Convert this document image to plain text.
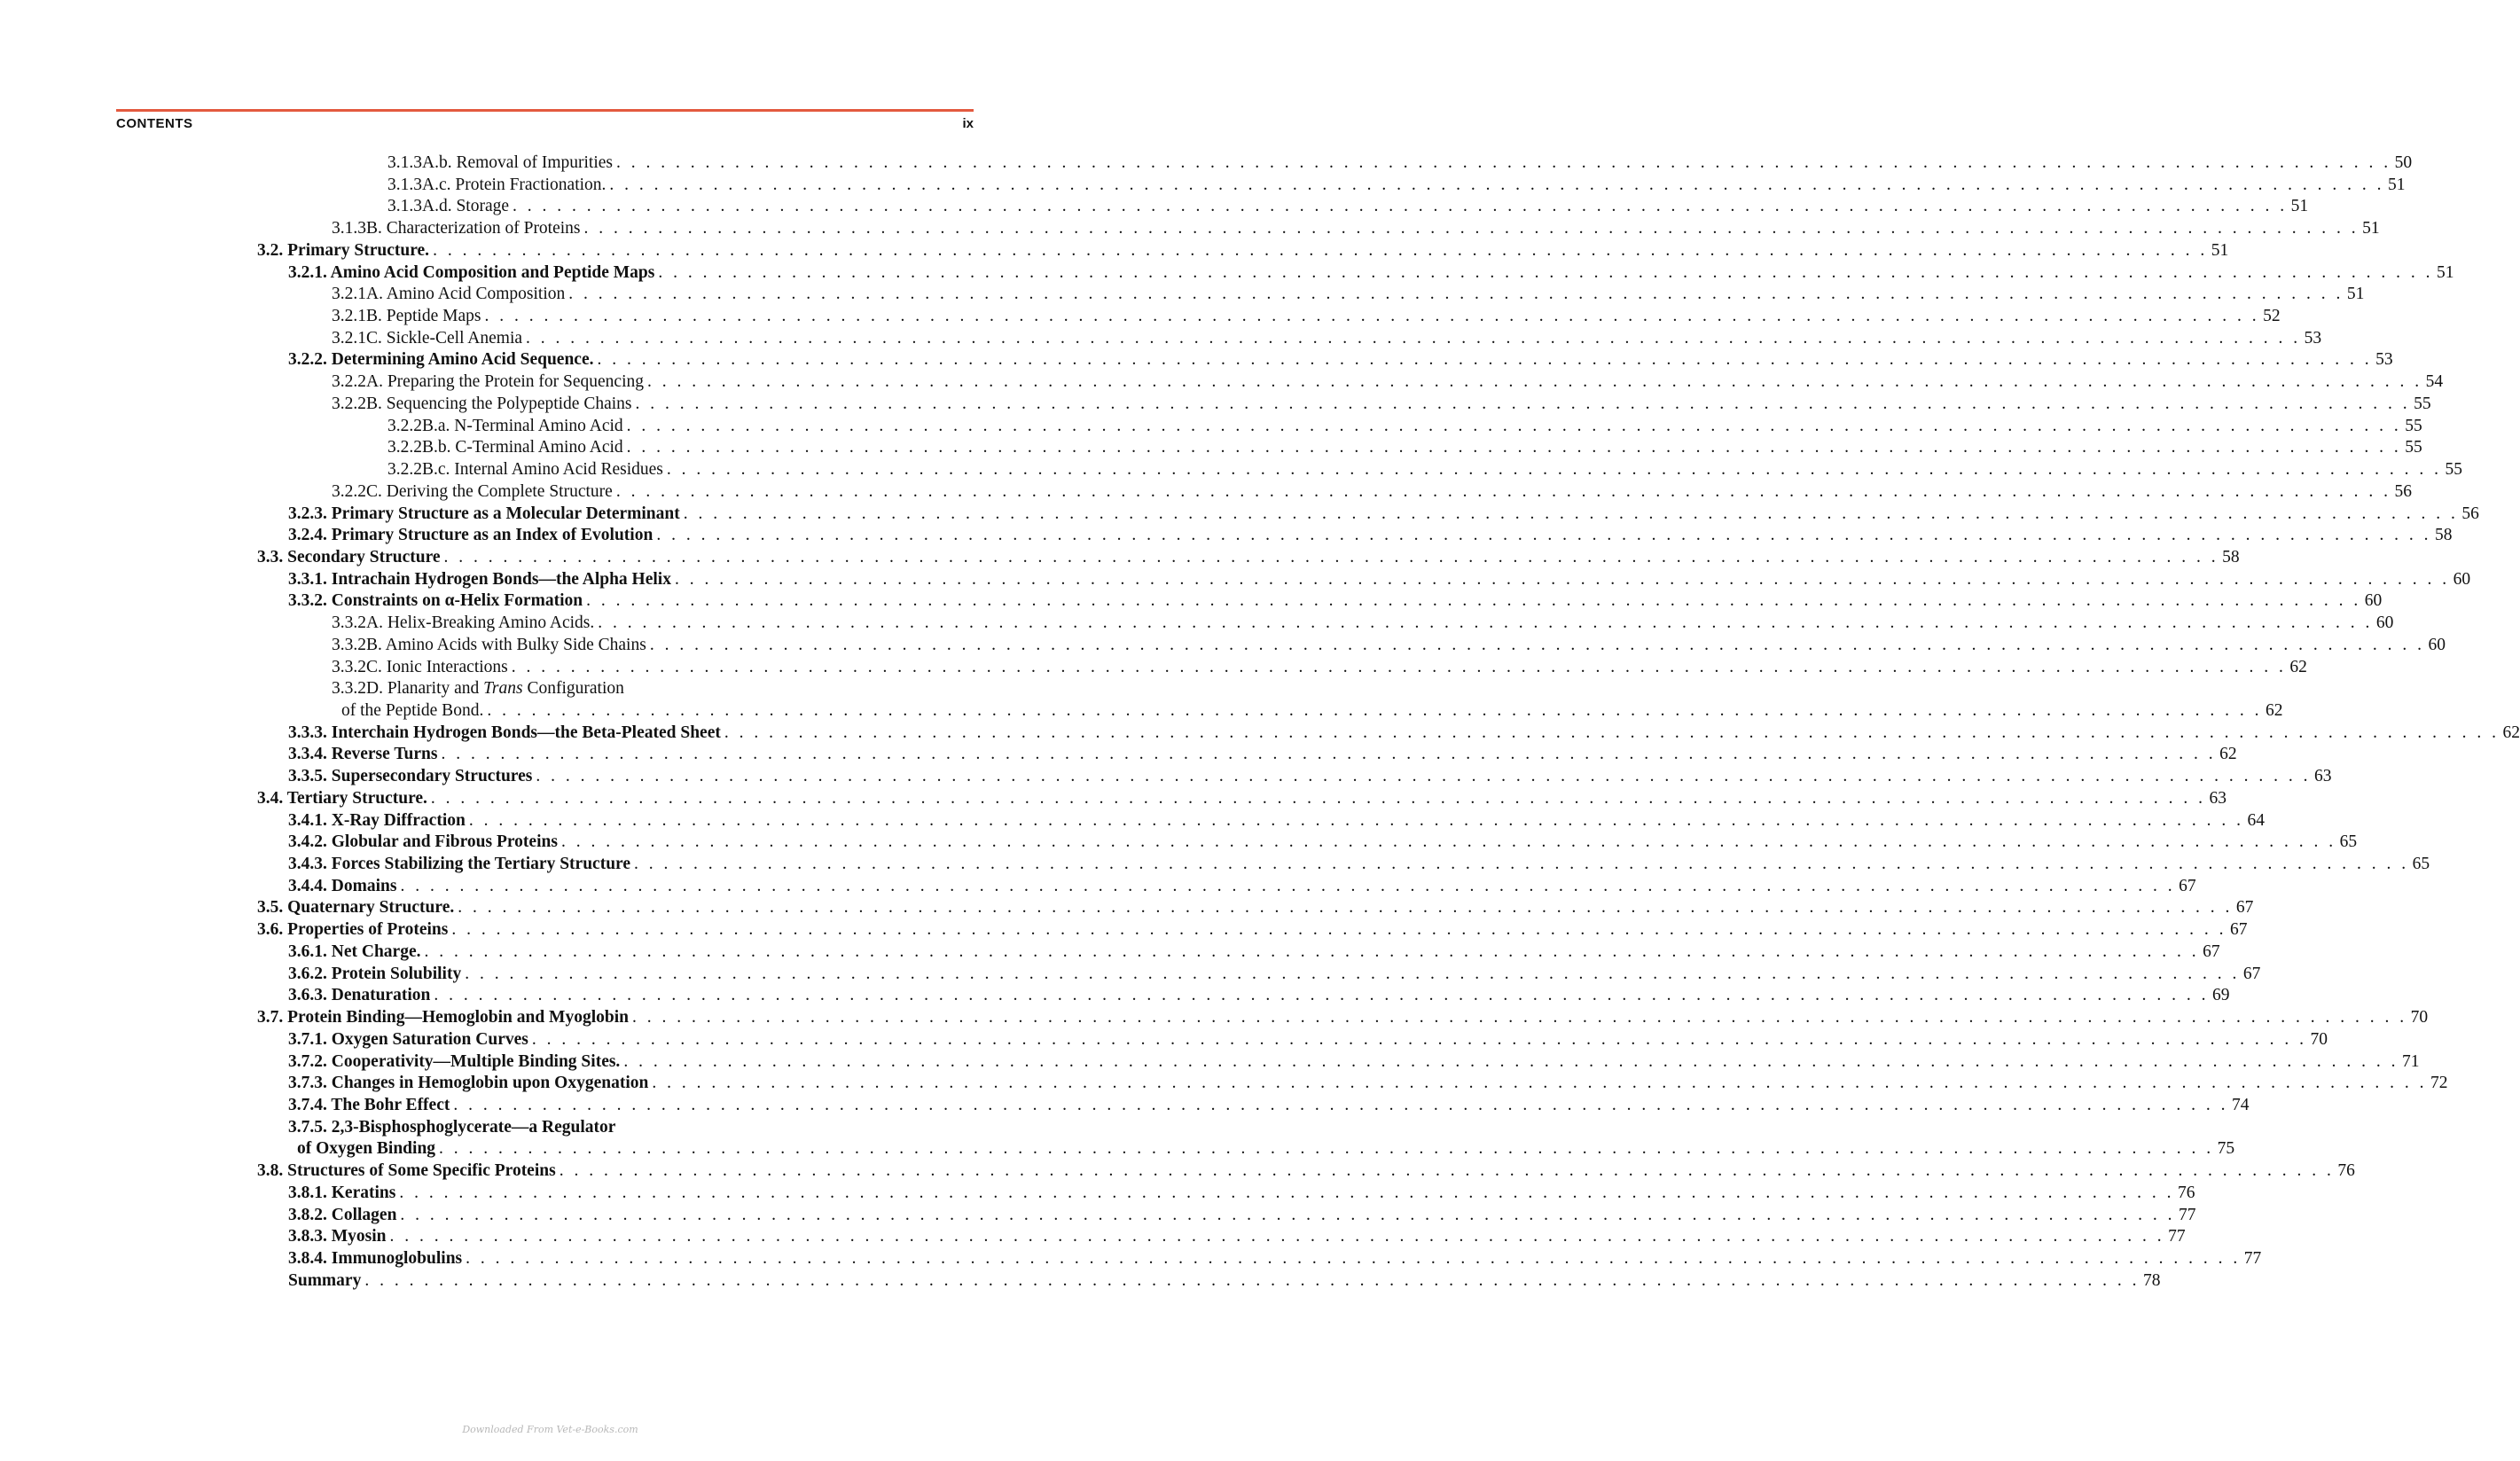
CONTENTS	ix
3.1.3A.b. Removal of Impurities . . . . . . . . . . . . . . . . . . . . . . . . . . . . . . . . . . . . . . . . . . . . . . . . . . . . . . . . . . . . . . . . . . . . . . . . . . . . . . . . . . . . . . . . . . . . . . . . . . . . . . . . . . . . . . . . . . . . . . . . 50
3.1.3A.c. Protein Fractionation. . . . . . . . . . . . . . . . . . . . . . . . . . . . . . . . . . . . . . . . . . . . . . . . . . . . . . . . . . . . . . . . . . . . . . . . . . . . . . . . . . . . . . . . . . . . . . . . . . . . . . . . . . . . . . . . . . . . . . . . . 51
3.1.3A.d. Storage . . . . . . . . . . . . . . . . . . . . . . . . . . . . . . . . . . . . . . . . . . . . . . . . . . . . . . . . . . . . . . . . . . . . . . . . . . . . . . . . . . . . . . . . . . . . . . . . . . . . . . . . . . . . . . . . . . . . . . . . 51
3.1.3B. Characterization of Proteins . . . . . . . . . . . . . . . . . . . . . . . . . . . . . . . . . . . . . . . . . . . . . . . . . . . . . . . . . . . . . . . . . . . . . . . . . . . . . . . . . . . . . . . . . . . . . . . . . . . . . . . . . . . . . . . . . . . . . . . . 51
3.2. Primary Structure. . . . . . . . . . . . . . . . . . . . . . . . . . . . . . . . . . . . . . . . . . . . . . . . . . . . . . . . . . . . . . . . . . . . . . . . . . . . . . . . . . . . . . . . . . . . . . . . . . . . . . . . . . . . . . . . . . . . . . . . . 51
3.2.1. Amino Acid Composition and Peptide Maps . . . . . . . . . . . . . . . . . . . . . . . . . . . . . . . . . . . . . . . . . . . . . . . . . . . . . . . . . . . . . . . . . . . . . . . . . . . . . . . . . . . . . . . . . . . . . . . . . . . . . . . . . . . . . . . . . . . . . . . . 51
3.2.1A. Amino Acid Composition . . . . . . . . . . . . . . . . . . . . . . . . . . . . . . . . . . . . . . . . . . . . . . . . . . . . . . . . . . . . . . . . . . . . . . . . . . . . . . . . . . . . . . . . . . . . . . . . . . . . . . . . . . . . . . . . . . . . . . . . 51
3.2.1B. Peptide Maps . . . . . . . . . . . . . . . . . . . . . . . . . . . . . . . . . . . . . . . . . . . . . . . . . . . . . . . . . . . . . . . . . . . . . . . . . . . . . . . . . . . . . . . . . . . . . . . . . . . . . . . . . . . . . . . . . . . . . . . . 52
3.2.1C. Sickle-Cell Anemia . . . . . . . . . . . . . . . . . . . . . . . . . . . . . . . . . . . . . . . . . . . . . . . . . . . . . . . . . . . . . . . . . . . . . . . . . . . . . . . . . . . . . . . . . . . . . . . . . . . . . . . . . . . . . . . . . . . . . . . . 53
3.2.2. Determining Amino Acid Sequence. . . . . . . . . . . . . . . . . . . . . . . . . . . . . . . . . . . . . . . . . . . . . . . . . . . . . . . . . . . . . . . . . . . . . . . . . . . . . . . . . . . . . . . . . . . . . . . . . . . . . . . . . . . . . . . . . . . . . . . . . 53
3.2.2A. Preparing the Protein for Sequencing . . . . . . . . . . . . . . . . . . . . . . . . . . . . . . . . . . . . . . . . . . . . . . . . . . . . . . . . . . . . . . . . . . . . . . . . . . . . . . . . . . . . . . . . . . . . . . . . . . . . . . . . . . . . . . . . . . . . . . . . 54
3.2.2B. Sequencing the Polypeptide Chains . . . . . . . . . . . . . . . . . . . . . . . . . . . . . . . . . . . . . . . . . . . . . . . . . . . . . . . . . . . . . . . . . . . . . . . . . . . . . . . . . . . . . . . . . . . . . . . . . . . . . . . . . . . . . . . . . . . . . . . . 55
3.2.2B.a. N-Terminal Amino Acid . . . . . . . . . . . . . . . . . . . . . . . . . . . . . . . . . . . . . . . . . . . . . . . . . . . . . . . . . . . . . . . . . . . . . . . . . . . . . . . . . . . . . . . . . . . . . . . . . . . . . . . . . . . . . . . . . . . . . . . . 55
3.2.2B.b. C-Terminal Amino Acid . . . . . . . . . . . . . . . . . . . . . . . . . . . . . . . . . . . . . . . . . . . . . . . . . . . . . . . . . . . . . . . . . . . . . . . . . . . . . . . . . . . . . . . . . . . . . . . . . . . . . . . . . . . . . . . . . . . . . . . . 55
3.2.2B.c. Internal Amino Acid Residues . . . . . . . . . . . . . . . . . . . . . . . . . . . . . . . . . . . . . . . . . . . . . . . . . . . . . . . . . . . . . . . . . . . . . . . . . . . . . . . . . . . . . . . . . . . . . . . . . . . . . . . . . . . . . . . . . . . . . . . . 55
3.2.2C. Deriving the Complete Structure . . . . . . . . . . . . . . . . . . . . . . . . . . . . . . . . . . . . . . . . . . . . . . . . . . . . . . . . . . . . . . . . . . . . . . . . . . . . . . . . . . . . . . . . . . . . . . . . . . . . . . . . . . . . . . . . . . . . . . . . 56
3.2.3. Primary Structure as a Molecular Determinant . . . . . . . . . . . . . . . . . . . . . . . . . . . . . . . . . . . . . . . . . . . . . . . . . . . . . . . . . . . . . . . . . . . . . . . . . . . . . . . . . . . . . . . . . . . . . . . . . . . . . . . . . . . . . . . . . . . . . . . . 56
3.2.4. Primary Structure as an Index of Evolution . . . . . . . . . . . . . . . . . . . . . . . . . . . . . . . . . . . . . . . . . . . . . . . . . . . . . . . . . . . . . . . . . . . . . . . . . . . . . . . . . . . . . . . . . . . . . . . . . . . . . . . . . . . . . . . . . . . . . . . . 58
3.3. Secondary Structure . . . . . . . . . . . . . . . . . . . . . . . . . . . . . . . . . . . . . . . . . . . . . . . . . . . . . . . . . . . . . . . . . . . . . . . . . . . . . . . . . . . . . . . . . . . . . . . . . . . . . . . . . . . . . . . . . . . . . . . . 58
3.3.1. Intrachain Hydrogen Bonds—the Alpha Helix . . . . . . . . . . . . . . . . . . . . . . . . . . . . . . . . . . . . . . . . . . . . . . . . . . . . . . . . . . . . . . . . . . . . . . . . . . . . . . . . . . . . . . . . . . . . . . . . . . . . . . . . . . . . . . . . . . . . . . . . 60
3.3.2. Constraints on α-Helix Formation . . . . . . . . . . . . . . . . . . . . . . . . . . . . . . . . . . . . . . . . . . . . . . . . . . . . . . . . . . . . . . . . . . . . . . . . . . . . . . . . . . . . . . . . . . . . . . . . . . . . . . . . . . . . . . . . . . . . . . . . 60
3.3.2A. Helix-Breaking Amino Acids. . . . . . . . . . . . . . . . . . . . . . . . . . . . . . . . . . . . . . . . . . . . . . . . . . . . . . . . . . . . . . . . . . . . . . . . . . . . . . . . . . . . . . . . . . . . . . . . . . . . . . . . . . . . . . . . . . . . . . . . . 60
3.3.2B. Amino Acids with Bulky Side Chains . . . . . . . . . . . . . . . . . . . . . . . . . . . . . . . . . . . . . . . . . . . . . . . . . . . . . . . . . . . . . . . . . . . . . . . . . . . . . . . . . . . . . . . . . . . . . . . . . . . . . . . . . . . . . . . . . . . . . . . . 60
3.3.2C. Ionic Interactions . . . . . . . . . . . . . . . . . . . . . . . . . . . . . . . . . . . . . . . . . . . . . . . . . . . . . . . . . . . . . . . . . . . . . . . . . . . . . . . . . . . . . . . . . . . . . . . . . . . . . . . . . . . . . . . . . . . . . . . . 62
3.3.2D. Planarity and Trans Configuration
of the Peptide Bond. . . . . . . . . . . . . . . . . . . . . . . . . . . . . . . . . . . . . . . . . . . . . . . . . . . . . . . . . . . . . . . . . . . . . . . . . . . . . . . . . . . . . . . . . . . . . . . . . . . . . . . . . . . . . . . . . . . . . . . . . 62
3.3.3. Interchain Hydrogen Bonds—the Beta-Pleated Sheet . . . . . . . . . . . . . . . . . . . . . . . . . . . . . . . . . . . . . . . . . . . . . . . . . . . . . . . . . . . . . . . . . . . . . . . . . . . . . . . . . . . . . . . . . . . . . . . . . . . . . . . . . . . . . . . . . . . . . . . . 62
3.3.4. Reverse Turns . . . . . . . . . . . . . . . . . . . . . . . . . . . . . . . . . . . . . . . . . . . . . . . . . . . . . . . . . . . . . . . . . . . . . . . . . . . . . . . . . . . . . . . . . . . . . . . . . . . . . . . . . . . . . . . . . . . . . . . . 62
3.3.5. Supersecondary Structures . . . . . . . . . . . . . . . . . . . . . . . . . . . . . . . . . . . . . . . . . . . . . . . . . . . . . . . . . . . . . . . . . . . . . . . . . . . . . . . . . . . . . . . . . . . . . . . . . . . . . . . . . . . . . . . . . . . . . . . . 63
3.4. Tertiary Structure. . . . . . . . . . . . . . . . . . . . . . . . . . . . . . . . . . . . . . . . . . . . . . . . . . . . . . . . . . . . . . . . . . . . . . . . . . . . . . . . . . . . . . . . . . . . . . . . . . . . . . . . . . . . . . . . . . . . . . . . . 63
3.4.1. X-Ray Diffraction . . . . . . . . . . . . . . . . . . . . . . . . . . . . . . . . . . . . . . . . . . . . . . . . . . . . . . . . . . . . . . . . . . . . . . . . . . . . . . . . . . . . . . . . . . . . . . . . . . . . . . . . . . . . . . . . . . . . . . . . 64
3.4.2. Globular and Fibrous Proteins . . . . . . . . . . . . . . . . . . . . . . . . . . . . . . . . . . . . . . . . . . . . . . . . . . . . . . . . . . . . . . . . . . . . . . . . . . . . . . . . . . . . . . . . . . . . . . . . . . . . . . . . . . . . . . . . . . . . . . . . 65
3.4.3. Forces Stabilizing the Tertiary Structure . . . . . . . . . . . . . . . . . . . . . . . . . . . . . . . . . . . . . . . . . . . . . . . . . . . . . . . . . . . . . . . . . . . . . . . . . . . . . . . . . . . . . . . . . . . . . . . . . . . . . . . . . . . . . . . . . . . . . . . . 65
3.4.4. Domains . . . . . . . . . . . . . . . . . . . . . . . . . . . . . . . . . . . . . . . . . . . . . . . . . . . . . . . . . . . . . . . . . . . . . . . . . . . . . . . . . . . . . . . . . . . . . . . . . . . . . . . . . . . . . . . . . . . . . . . . 67
3.5. Quaternary Structure. . . . . . . . . . . . . . . . . . . . . . . . . . . . . . . . . . . . . . . . . . . . . . . . . . . . . . . . . . . . . . . . . . . . . . . . . . . . . . . . . . . . . . . . . . . . . . . . . . . . . . . . . . . . . . . . . . . . . . . . . 67
3.6. Properties of Proteins . . . . . . . . . . . . . . . . . . . . . . . . . . . . . . . . . . . . . . . . . . . . . . . . . . . . . . . . . . . . . . . . . . . . . . . . . . . . . . . . . . . . . . . . . . . . . . . . . . . . . . . . . . . . . . . . . . . . . . . . 67
3.6.1. Net Charge. . . . . . . . . . . . . . . . . . . . . . . . . . . . . . . . . . . . . . . . . . . . . . . . . . . . . . . . . . . . . . . . . . . . . . . . . . . . . . . . . . . . . . . . . . . . . . . . . . . . . . . . . . . . . . . . . . . . . . . . . 67
3.6.2. Protein Solubility . . . . . . . . . . . . . . . . . . . . . . . . . . . . . . . . . . . . . . . . . . . . . . . . . . . . . . . . . . . . . . . . . . . . . . . . . . . . . . . . . . . . . . . . . . . . . . . . . . . . . . . . . . . . . . . . . . . . . . . . 67
3.6.3. Denaturation . . . . . . . . . . . . . . . . . . . . . . . . . . . . . . . . . . . . . . . . . . . . . . . . . . . . . . . . . . . . . . . . . . . . . . . . . . . . . . . . . . . . . . . . . . . . . . . . . . . . . . . . . . . . . . . . . . . . . . . . 69
3.7. Protein Binding—Hemoglobin and Myoglobin . . . . . . . . . . . . . . . . . . . . . . . . . . . . . . . . . . . . . . . . . . . . . . . . . . . . . . . . . . . . . . . . . . . . . . . . . . . . . . . . . . . . . . . . . . . . . . . . . . . . . . . . . . . . . . . . . . . . . . . . 70
3.7.1. Oxygen Saturation Curves . . . . . . . . . . . . . . . . . . . . . . . . . . . . . . . . . . . . . . . . . . . . . . . . . . . . . . . . . . . . . . . . . . . . . . . . . . . . . . . . . . . . . . . . . . . . . . . . . . . . . . . . . . . . . . . . . . . . . . . . 70
3.7.2. Cooperativity—Multiple Binding Sites. . . . . . . . . . . . . . . . . . . . . . . . . . . . . . . . . . . . . . . . . . . . . . . . . . . . . . . . . . . . . . . . . . . . . . . . . . . . . . . . . . . . . . . . . . . . . . . . . . . . . . . . . . . . . . . . . . . . . . . . . 71
3.7.3. Changes in Hemoglobin upon Oxygenation . . . . . . . . . . . . . . . . . . . . . . . . . . . . . . . . . . . . . . . . . . . . . . . . . . . . . . . . . . . . . . . . . . . . . . . . . . . . . . . . . . . . . . . . . . . . . . . . . . . . . . . . . . . . . . . . . . . . . . . . 72
3.7.4. The Bohr Effect . . . . . . . . . . . . . . . . . . . . . . . . . . . . . . . . . . . . . . . . . . . . . . . . . . . . . . . . . . . . . . . . . . . . . . . . . . . . . . . . . . . . . . . . . . . . . . . . . . . . . . . . . . . . . . . . . . . . . . . . 74
3.7.5. 2,3-Bisphosphoglycerate—a Regulator
of Oxygen Binding . . . . . . . . . . . . . . . . . . . . . . . . . . . . . . . . . . . . . . . . . . . . . . . . . . . . . . . . . . . . . . . . . . . . . . . . . . . . . . . . . . . . . . . . . . . . . . . . . . . . . . . . . . . . . . . . . . . . . . . . 75
3.8. Structures of Some Specific Proteins . . . . . . . . . . . . . . . . . . . . . . . . . . . . . . . . . . . . . . . . . . . . . . . . . . . . . . . . . . . . . . . . . . . . . . . . . . . . . . . . . . . . . . . . . . . . . . . . . . . . . . . . . . . . . . . . . . . . . . . . 76
3.8.1. Keratins . . . . . . . . . . . . . . . . . . . . . . . . . . . . . . . . . . . . . . . . . . . . . . . . . . . . . . . . . . . . . . . . . . . . . . . . . . . . . . . . . . . . . . . . . . . . . . . . . . . . . . . . . . . . . . . . . . . . . . . . 76
3.8.2. Collagen . . . . . . . . . . . . . . . . . . . . . . . . . . . . . . . . . . . . . . . . . . . . . . . . . . . . . . . . . . . . . . . . . . . . . . . . . . . . . . . . . . . . . . . . . . . . . . . . . . . . . . . . . . . . . . . . . . . . . . . . 77
3.8.3. Myosin . . . . . . . . . . . . . . . . . . . . . . . . . . . . . . . . . . . . . . . . . . . . . . . . . . . . . . . . . . . . . . . . . . . . . . . . . . . . . . . . . . . . . . . . . . . . . . . . . . . . . . . . . . . . . . . . . . . . . . . . 77
3.8.4. Immunoglobulins . . . . . . . . . . . . . . . . . . . . . . . . . . . . . . . . . . . . . . . . . . . . . . . . . . . . . . . . . . . . . . . . . . . . . . . . . . . . . . . . . . . . . . . . . . . . . . . . . . . . . . . . . . . . . . . . . . . . . . . . 77
Summary . . . . . . . . . . . . . . . . . . . . . . . . . . . . . . . . . . . . . . . . . . . . . . . . . . . . . . . . . . . . . . . . . . . . . . . . . . . . . . . . . . . . . . . . . . . . . . . . . . . . . . . . . . . . . . . . . . . . . . . . 78
Downloaded From Vet-e-Books.com
